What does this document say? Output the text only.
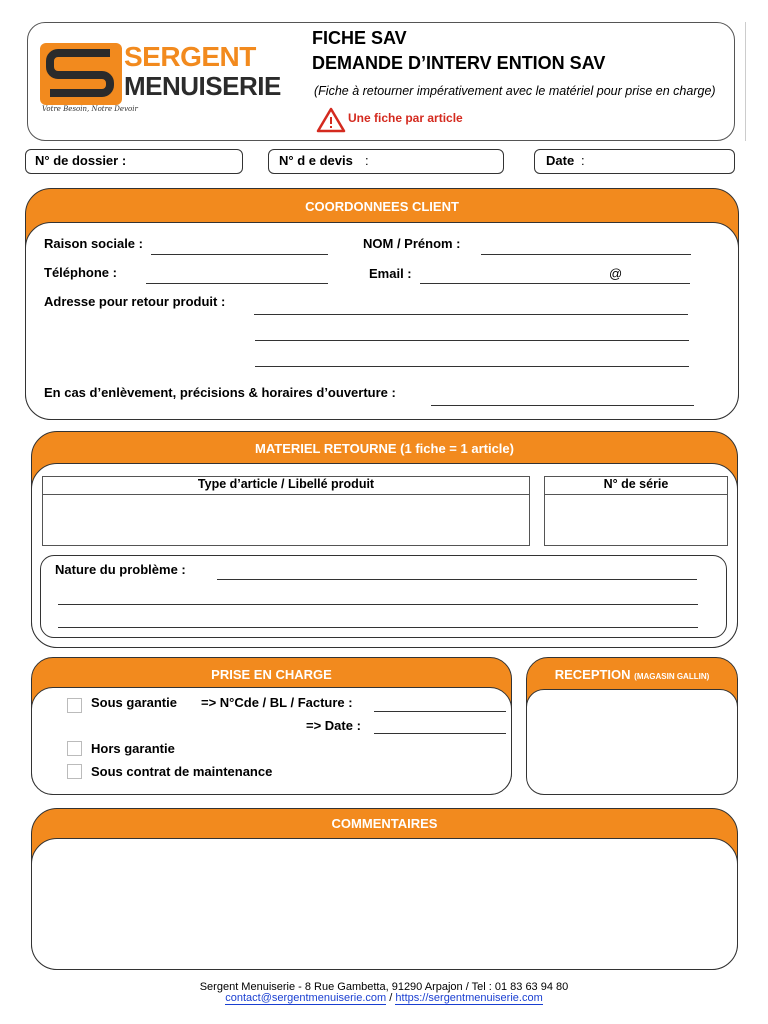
SERGENT
MENUISERIE
Votre Besoin, Notre Devoir
FICHE SAV
DEMANDE D’INTERV ENTION SAV
(Fiche à retourner impérativement avec le matériel pour prise en charge)
Une fiche par article
N° de dossier :	N° d e devis :	Date :
COORDONNEES CLIENT
Raison sociale :	NOM / Prénom :
Téléphone :	Email :	@
Adresse pour retour produit :
En cas d’enlèvement, précisions & horaires d’ouverture :
MATERIEL RETOURNE (1 fiche = 1 article)
Type d’article / Libellé produit	N° de série
Nature du problème :
PRISE EN CHARGE
Sous garantie => N°Cde / BL / Facture :
=> Date :
Hors garantie
Sous contrat de maintenance
RECEPTION (MAGASIN GALLIN)
COMMENTAIRES
Sergent Menuiserie - 8 Rue Gambetta, 91290 Arpajon / Tel : 01 83 63 94 80
contact@sergentmenuiserie.com / https://sergentmenuiserie.com
